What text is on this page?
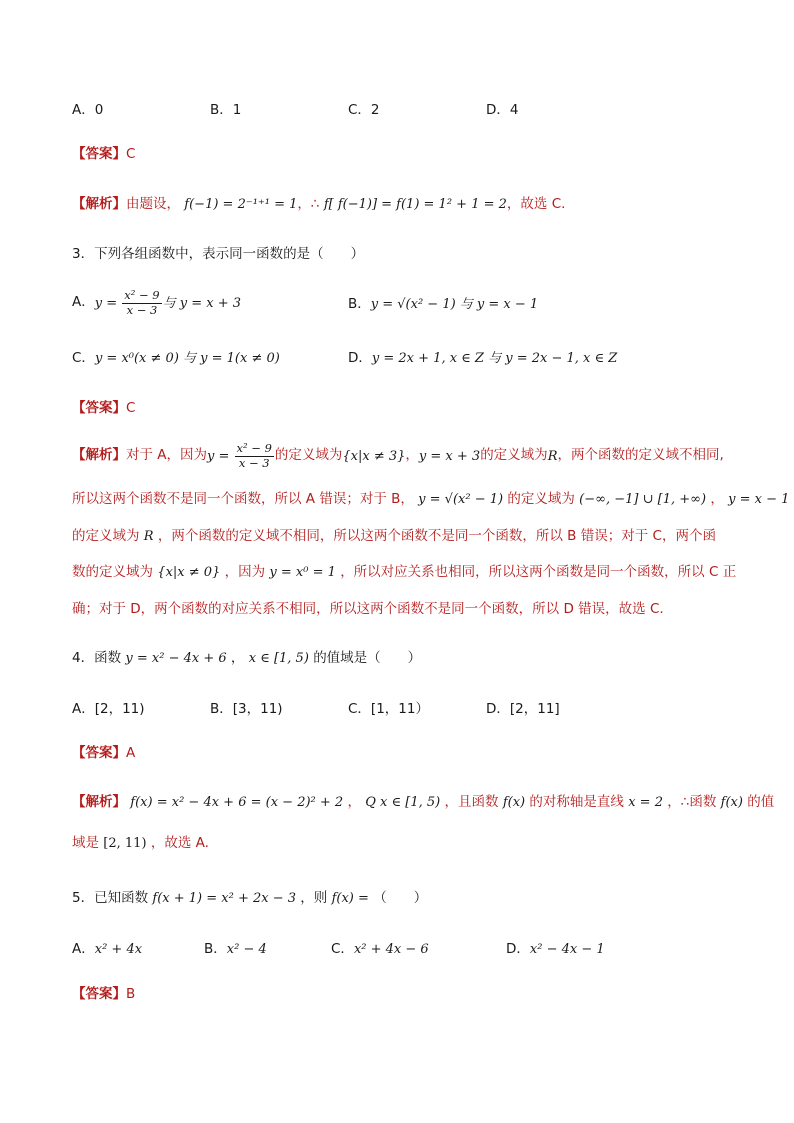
A．0	B．1	C．2	D．4
【答案】C
【解析】由题设， f(−1) = 2⁻¹⁺¹ = 1，∴ f[ f(−1)] = f(1) = 1² + 1 = 2，故选 C.
3．下列各组函数中，表示同一函数的是（　　）
A． $y = \frac{\text{x² − 9}}{x - 3}$ 与 y = x + 3	B．y = √(x² − 1) 与 y = x − 1
C．y = x⁰(x ≠ 0) 与 y = 1(x ≠ 0)	D．y = 2x + 1, x ∈ Z 与 y = 2x − 1, x ∈ Z
【答案】C
【解析】 对于 A，因为 $y = \frac{\text{x² − 9}}{x - 3}$ 的定义域为 {x|x ≠ 3} ， y = x + 3 的定义域为 R ，两个函数的定义域不相同,
所以这两个函数不是同一个函数，所以 A 错误；对于 B， y = √(x² − 1) 的定义域为 (−∞, −1] ∪ [1, +∞) ， y = x − 1
的定义域为 R ，两个函数的定义域不相同，所以这两个函数不是同一个函数，所以 B 错误；对于 C，两个函
数的定义域为 {x|x ≠ 0} ，因为 y = x⁰ = 1 ，所以对应关系也相同，所以这两个函数是同一个函数，所以 C 正
确；对于 D，两个函数的对应关系不相同，所以这两个函数不是同一个函数，所以 D 错误，故选 C.
4．函数 y = x² − 4x + 6 ， x ∈ [1, 5) 的值域是（　　）
A．[2，11)	B．[3，11)	C．[1，11）	D．[2，11]
【答案】A
【解析】 f(x) = x² − 4x + 6 = (x − 2)² + 2 ， Q x ∈ [1, 5) ，且函数 f(x) 的对称轴是直线 x = 2 ，∴函数 f(x) 的值
域是 [2, 11) ，故选 A.
5．已知函数 f(x + 1) = x² + 2x − 3 ，则 f(x) = （　　）
A．x² + 4x	B．x² − 4	C．x² + 4x − 6	D．x² − 4x − 1
【答案】B
